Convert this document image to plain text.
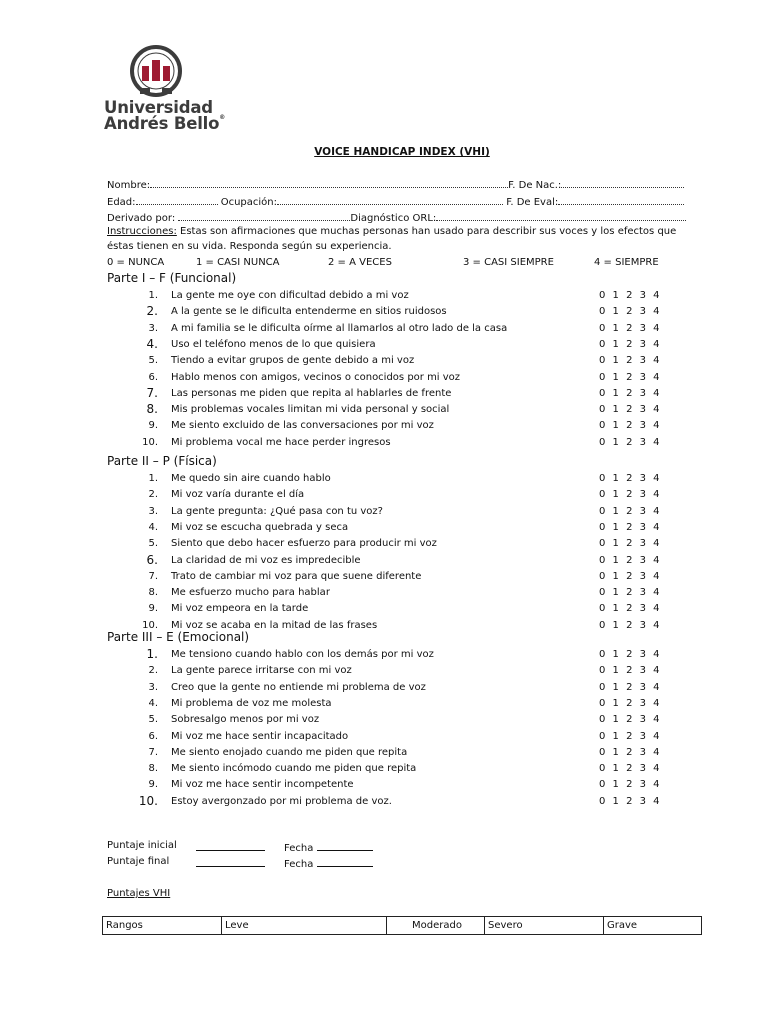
Universidad
Andrés Bello®
VOICE HANDICAP INDEX (VHI)
Nombre:	F. De Nac.:
Edad:	Ocupación:	F. De Eval:
Derivado por:	Diagnóstico ORL:
Instrucciones: Estas son afirmaciones que muchas personas han usado para describir sus voces y los efectos que
éstas tienen en su vida. Responda según su experiencia.
0 = NUNCA	1 = CASI NUNCA	2 = A VECES	3 = CASI SIEMPRE	4 = SIEMPRE
Parte I – F (Funcional)
1. La gente me oye con dificultad debido a mi voz	0 1 2 3 4
2. A la gente se le dificulta entenderme en sitios ruidosos	0 1 2 3 4
3. A mi familia se le dificulta oírme al llamarlos al otro lado de la casa	0 1 2 3 4
4. Uso el teléfono menos de lo que quisiera	0 1 2 3 4
5. Tiendo a evitar grupos de gente debido a mi voz	0 1 2 3 4
6. Hablo menos con amigos, vecinos o conocidos por mi voz	0 1 2 3 4
7. Las personas me piden que repita al hablarles de frente	0 1 2 3 4
8. Mis problemas vocales limitan mi vida personal y social	0 1 2 3 4
9. Me siento excluido de las conversaciones por mi voz	0 1 2 3 4
10. Mi problema vocal me hace perder ingresos	0 1 2 3 4
Parte II – P (Física)
1. Me quedo sin aire cuando hablo	0 1 2 3 4
2. Mi voz varía durante el día	0 1 2 3 4
3. La gente pregunta: ¿Qué pasa con tu voz?	0 1 2 3 4
4. Mi voz se escucha quebrada y seca	0 1 2 3 4
5. Siento que debo hacer esfuerzo para producir mi voz	0 1 2 3 4
6. La claridad de mi voz es impredecible	0 1 2 3 4
7. Trato de cambiar mi voz para que suene diferente	0 1 2 3 4
8. Me esfuerzo mucho para hablar	0 1 2 3 4
9. Mi voz empeora en la tarde	0 1 2 3 4
10. Mi voz se acaba en la mitad de las frases	0 1 2 3 4
Parte III – E (Emocional)
1. Me tensiono cuando hablo con los demás por mi voz	0 1 2 3 4
2. La gente parece irritarse con mi voz	0 1 2 3 4
3. Creo que la gente no entiende mi problema de voz	0 1 2 3 4
4. Mi problema de voz me molesta	0 1 2 3 4
5. Sobresalgo menos por mi voz	0 1 2 3 4
6. Mi voz me hace sentir incapacitado	0 1 2 3 4
7. Me siento enojado cuando me piden que repita	0 1 2 3 4
8. Me siento incómodo cuando me piden que repita	0 1 2 3 4
9. Mi voz me hace sentir incompetente	0 1 2 3 4
10. Estoy avergonzado por mi problema de voz.	0 1 2 3 4
Puntaje inicial	Fecha
Puntaje final	Fecha
Puntajes VHI
Rangos	Leve	Moderado	Severo	Grave
